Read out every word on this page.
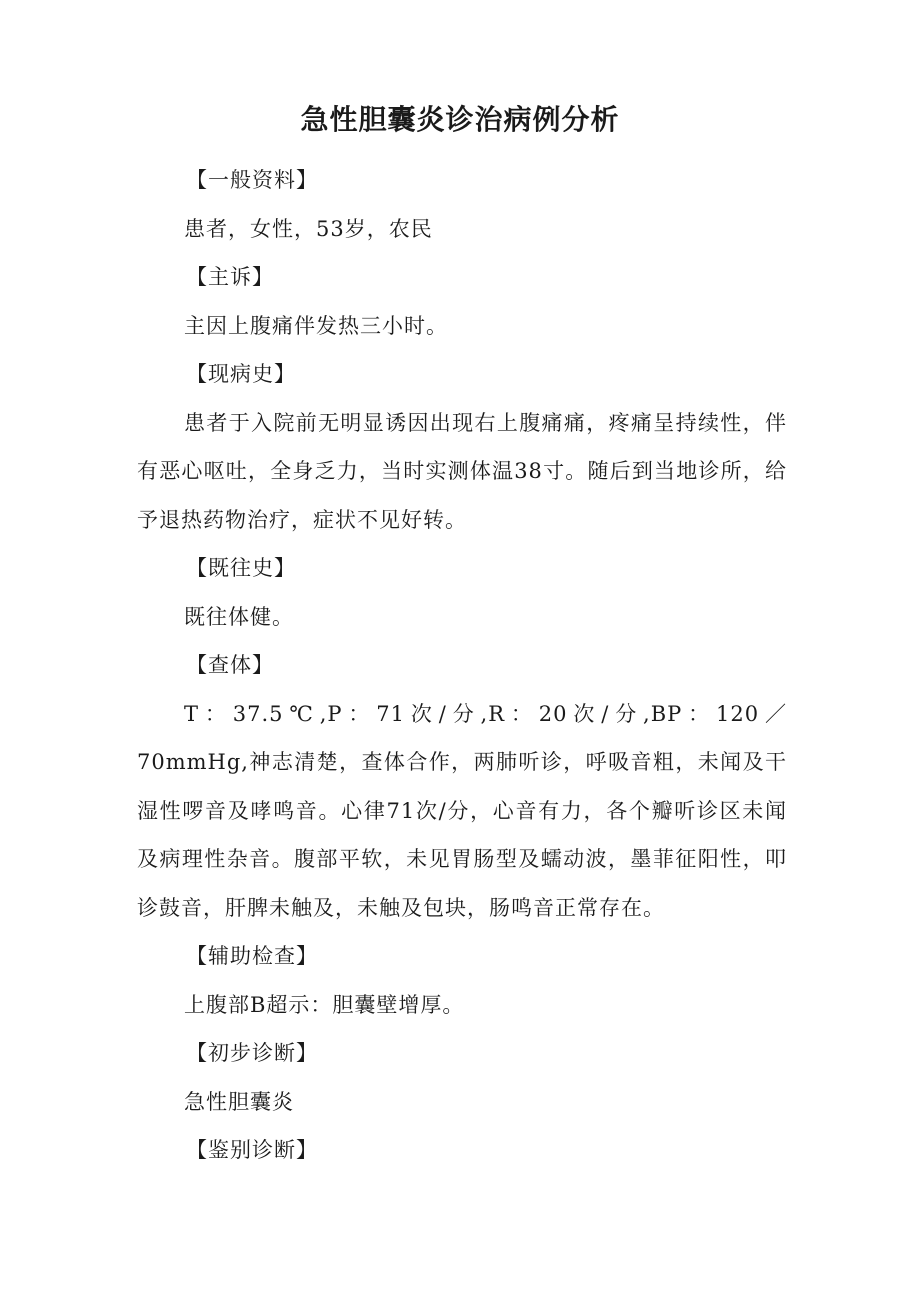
急性胆囊炎诊治病例分析

【一般资料】

患者，女性，53岁，农民

【主诉】

主因上腹痛伴发热三小时。

【现病史】

患者于入院前无明显诱因出现右上腹痛痛，疼痛呈持续性，伴有恶心呕吐，全身乏力，当时实测体温38寸。随后到当地诊所，给予退热药物治疗，症状不见好转。

【既往史】

既往体健。

【查体】

T：37.5℃,P：71次/分,R：20次/分,BP：120／70mmHg,神志清楚，查体合作，两肺听诊，呼吸音粗，未闻及干湿性啰音及哮鸣音。心律71次/分，心音有力，各个瓣听诊区未闻及病理性杂音。腹部平软，未见胃肠型及蠕动波，墨菲征阳性，叩诊鼓音，肝脾未触及，未触及包块，肠鸣音正常存在。

【辅助检查】

上腹部B超示：胆囊壁增厚。

【初步诊断】

急性胆囊炎

【鉴别诊断】
